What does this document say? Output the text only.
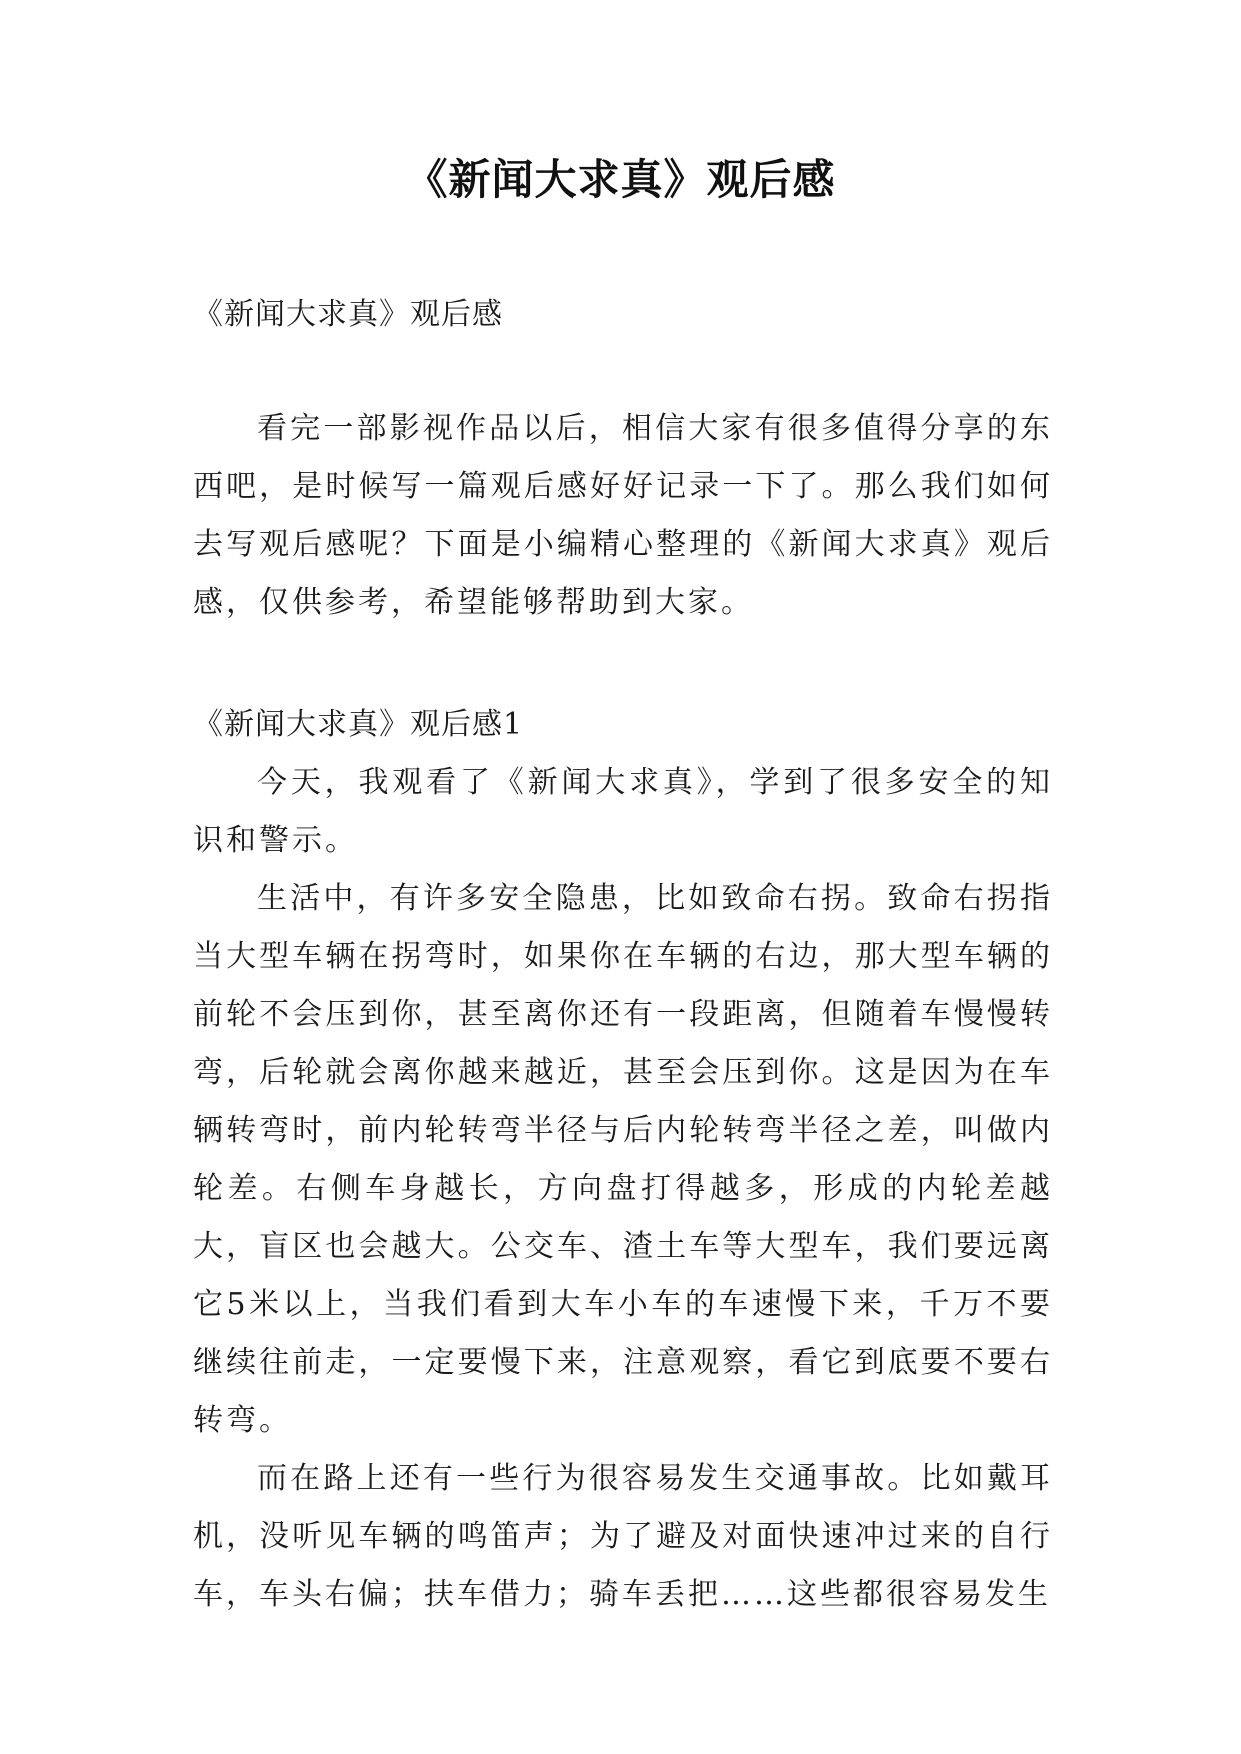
《新闻大求真》观后感
《新闻大求真》观后感

看完一部影视作品以后，相信大家有很多值得分享的东西吧，是时候写一篇观后感好好记录一下了。那么我们如何去写观后感呢？下面是小编精心整理的《新闻大求真》观后感，仅供参考，希望能够帮助到大家。

《新闻大求真》观后感1

今天，我观看了《新闻大求真》，学到了很多安全的知识和警示。

生活中，有许多安全隐患，比如致命右拐。致命右拐指当大型车辆在拐弯时，如果你在车辆的右边，那大型车辆的前轮不会压到你，甚至离你还有一段距离，但随着车慢慢转弯，后轮就会离你越来越近，甚至会压到你。这是因为在车辆转弯时，前内轮转弯半径与后内轮转弯半径之差，叫做内轮差。右侧车身越长，方向盘打得越多，形成的内轮差越大，盲区也会越大。公交车、渣土车等大型车，我们要远离它5米以上，当我们看到大车小车的车速慢下来，千万不要继续往前走，一定要慢下来，注意观察，看它到底要不要右转弯。

而在路上还有一些行为很容易发生交通事故。比如戴耳机，没听见车辆的鸣笛声；为了避及对面快速冲过来的自行车，车头右偏；扶车借力；骑车丢把……这些都很容易发生
